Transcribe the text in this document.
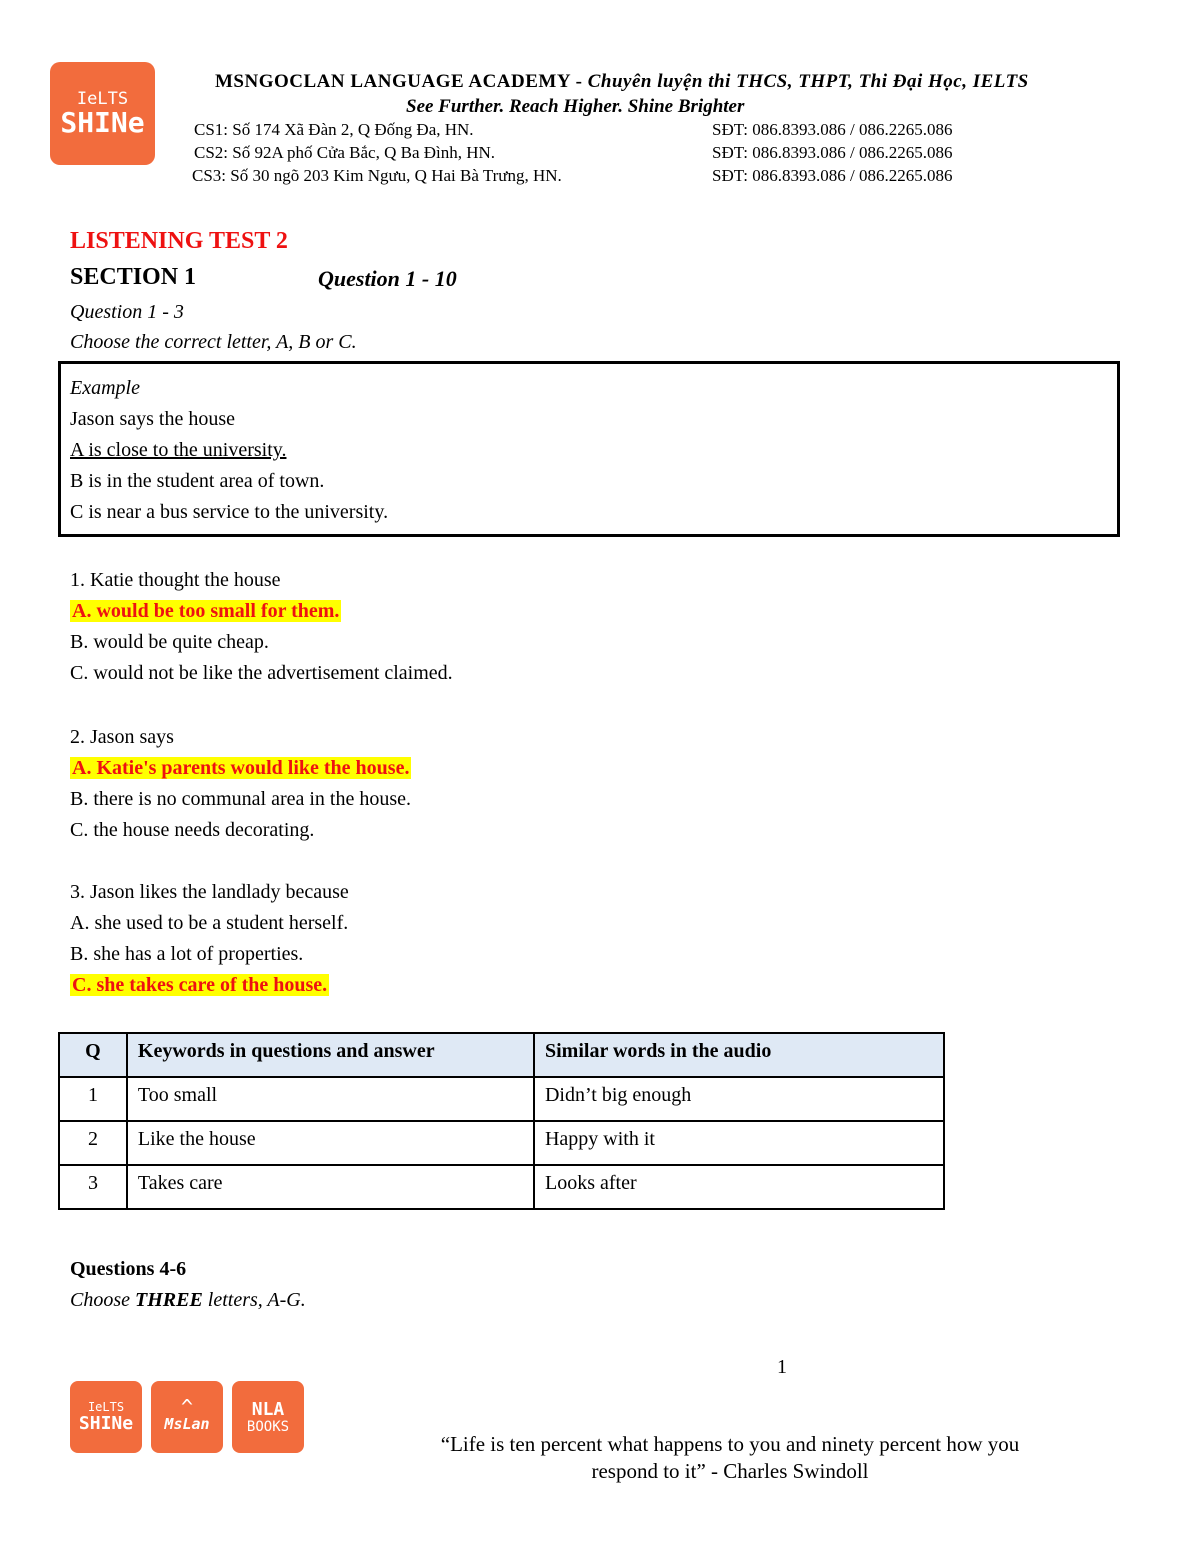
IeLTS
SHINe
MSNGOCLAN LANGUAGE ACADEMY - Chuyên luyện thi THCS, THPT, Thi Đại Học, IELTS
See Further. Reach Higher. Shine Brighter
CS1: Số 174 Xã Đàn 2, Q Đống Đa, HN.	SĐT: 086.8393.086 / 086.2265.086
CS2: Số 92A phố Cửa Bắc, Q Ba Đình, HN.	SĐT: 086.8393.086 / 086.2265.086
CS3: Số 30 ngõ 203 Kim Ngưu, Q Hai Bà Trưng, HN.	SĐT: 086.8393.086 / 086.2265.086
LISTENING TEST 2
SECTION 1	Question 1 - 10
Question 1 - 3
Choose the correct letter, A, B or C.
Example
Jason says the house
A is close to the university.
B is in the student area of town.
C is near a bus service to the university.
1. Katie thought the house
A. would be too small for them.
B. would be quite cheap.
C. would not be like the advertisement claimed.
2. Jason says
A. Katie's parents would like the house.
B. there is no communal area in the house.
C. the house needs decorating.
3. Jason likes the landlady because
A. she used to be a student herself.
B. she has a lot of properties.
C. she takes care of the house.
Q	Keywords in questions and answer	Similar words in the audio
1	Too small	Didn’t big enough
2	Like the house	Happy with it
3	Takes care	Looks after
Questions 4-6
Choose THREE letters, A-G.
1
IeLTS
SHINe
^
MsLan
NLA
BOOKS
“Life is ten percent what happens to you and ninety percent how you
respond to it” - Charles Swindoll
